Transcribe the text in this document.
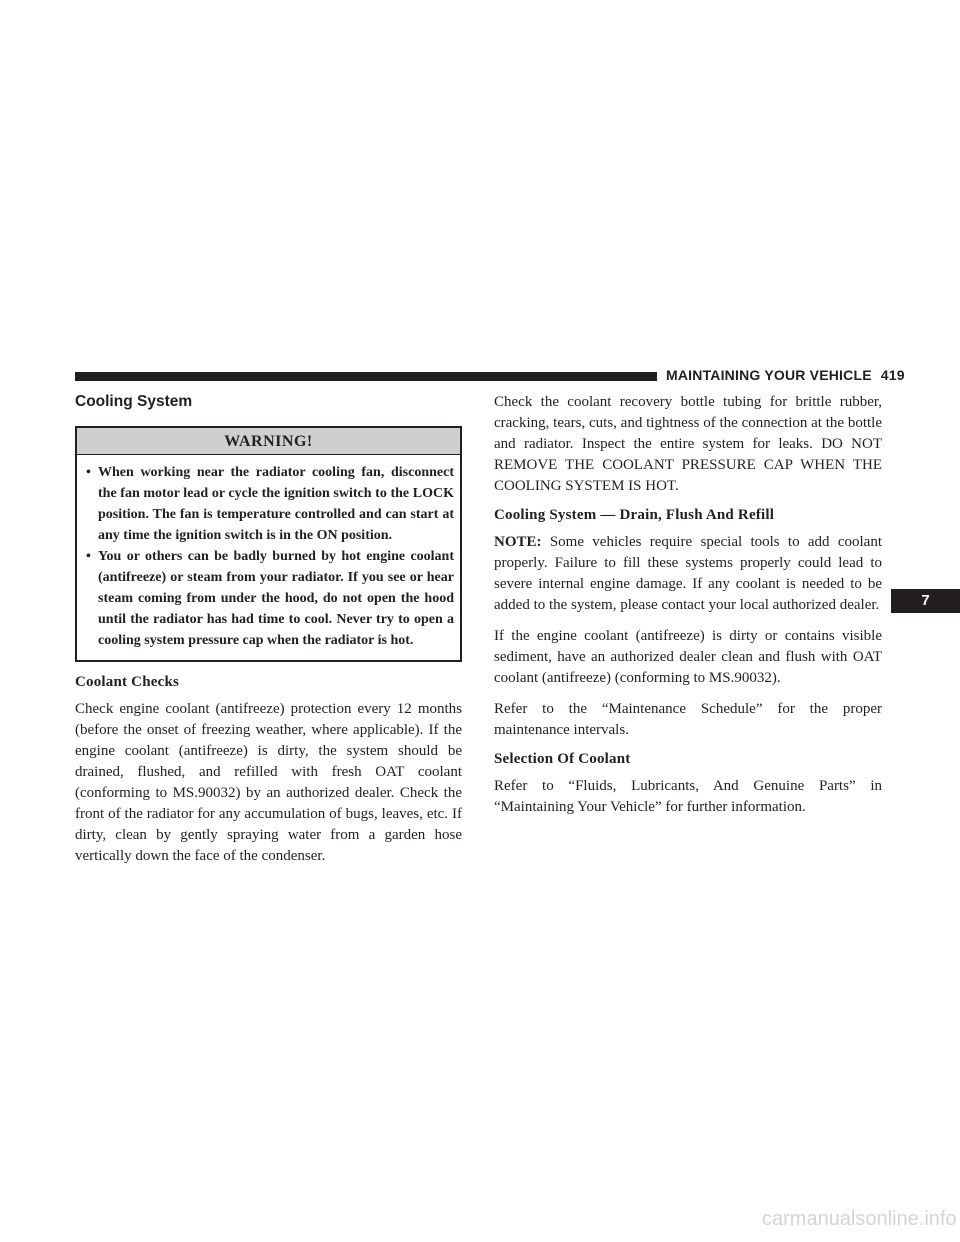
MAINTAINING YOUR VEHICLE 419
Cooling System
WARNING!
• When working near the radiator cooling fan, disconnect the fan motor lead or cycle the ignition switch to the LOCK position. The fan is temperature controlled and can start at any time the ignition switch is in the ON position.
• You or others can be badly burned by hot engine coolant (antifreeze) or steam from your radiator. If you see or hear steam coming from under the hood, do not open the hood until the radiator has had time to cool. Never try to open a cooling system pressure cap when the radiator is hot.
Coolant Checks

Check engine coolant (antifreeze) protection every 12 months (before the onset of freezing weather, where applicable). If the engine coolant (antifreeze) is dirty, the system should be drained, flushed, and refilled with fresh OAT coolant (conforming to MS.90032) by an authorized dealer. Check the front of the radiator for any accumulation of bugs, leaves, etc. If dirty, clean by gently spraying water from a garden hose vertically down the face of the condenser.

Check the coolant recovery bottle tubing for brittle rubber, cracking, tears, cuts, and tightness of the connection at the bottle and radiator. Inspect the entire system for leaks. DO NOT REMOVE THE COOLANT PRESSURE CAP WHEN THE COOLING SYSTEM IS HOT.

Cooling System — Drain, Flush And Refill

NOTE: Some vehicles require special tools to add coolant properly. Failure to fill these systems properly could lead to severe internal engine damage. If any coolant is needed to be added to the system, please contact your local authorized dealer.

If the engine coolant (antifreeze) is dirty or contains visible sediment, have an authorized dealer clean and flush with OAT coolant (antifreeze) (conforming to MS.90032).

Refer to the “Maintenance Schedule” for the proper maintenance intervals.

Selection Of Coolant

Refer to “Fluids, Lubricants, And Genuine Parts” in “Maintaining Your Vehicle” for further information.

7
carmanualsonline.info
